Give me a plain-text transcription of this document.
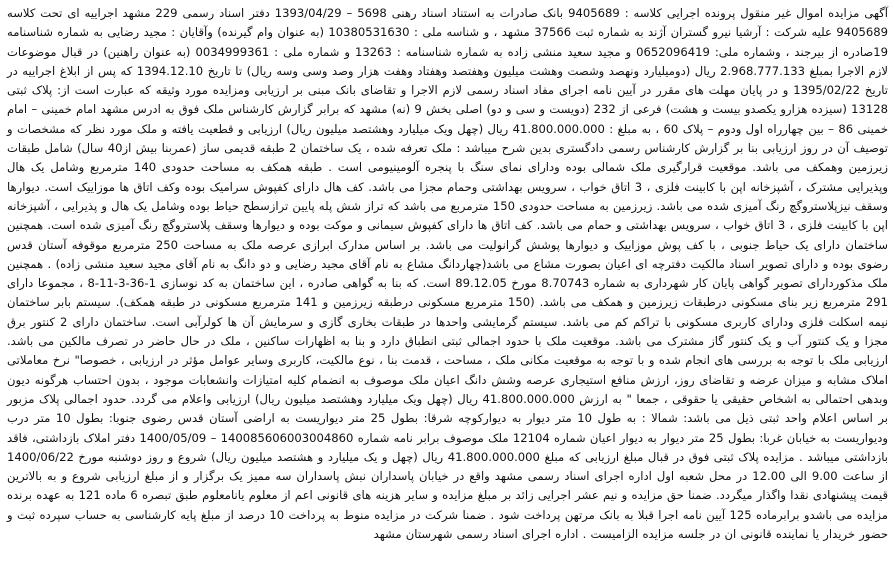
آگهی مزایده اموال غیر منقول پرونده اجرایی کلاسه : 9405689 بانک صادرات به استناد اسناد رهنی 5698 – 1393/04/29 دفتر اسناد رسمی 229 مشهد اجراییه ای تحت کلاسه 9405689 علیه شرکت : آرشیا نیرو گستران آژند به شماره ثبت 37566 مشهد ، و شناسه ملی : 10380531630 (به عنوان وام گیرنده) وآقایان : مجید رضایی به شماره شناسنامه 19صادره از بیرجند ، وشماره ملی: 0652096419 و مجید سعید منشی زاده به شماره شناسنامه : 13263 و شماره ملی : 0034999361 (به عنوان راهنین) در قبال موضوعات لازم الاجرا بمبلغ 2.968.777.133 ریال (دومیلیارد ونهصد وشصت وهشت میلیون وهفتصد وهفتاد وهفت هزار وصد وسی وسه ریال) تا تاریخ 1394.12.10 که پس از ابلاغ اجراییه در تاریخ 1395/02/22 و در پایان مهلت های مقرر در آیین نامه اجرای مفاد اسناد رسمی لازم الاجرا و تقاضای بانک مبنی بر ارزیابی ومزایده مورد وثیقه که عبارت است از: پلاک ثبتی 13128 (سیزده هزارو یکصدو بیست و هشت) فرعی از 232 (دویست و سی و دو) اصلی بخش 9 (نه) مشهد که برابر گزارش کارشناس ملک فوق به ادرس مشهد امام خمینی – امام خمینی 86 – بین چهارراه اول ودوم – پلاک 60 ، به مبلغ : 41.800.000.000 ریال (چهل ویک میلیارد وهشتصد میلیون ریال) ارزیابی و قطعیت یافته و ملک مورد نظر که مشخصات و توصیف آن در روز ارزیابی بنا بر گزارش کارشناس رسمی دادگستری بدین شرح میباشد : ملک تعرفه شده ، یک ساختمان 2 طبقه قدیمی ساز (عمربنا بیش از40 سال) شامل طبقات زیرزمین وهمکف می باشد. موقعیت قرارگیری ملک شمالی بوده ودارای نمای سنگ با پنجره آلومینیومی است . طبقه همکف به مساحت حدودی 140 مترمربع وشامل یک هال وپذیرایی مشترک ، آشپزخانه اپن با کابینت فلزی ، 3 اتاق خواب ، سرویس بهداشتی وحمام مجزا می باشد. کف هال دارای کفپوش سرامیک بوده وکف اتاق ها موزاییک است. دیوارها وسقف نیزپلاستروگچ رنگ آمیزی شده می باشد. زیرزمین به مساحت حدودی 150 مترمربع می باشد که تراز شش پله پایین ترازسطح حیاط بوده وشامل یک هال و پذیرایی ، آشپزخانه اپن با کابینت فلزی ، 3 اتاق خواب ، سرویس بهداشتی و حمام می باشد. کف اتاق ها دارای کفپوش سیمانی و موکت بوده و دیوارها وسقف پلاستروگچ رنگ آمیزی شده است. همچنین ساختمان دارای یک حیاط جنوبی ، با کف پوش موزاییک و دیوارها پوشش گرانولیت می باشد. بر اساس مدارک ابرازی عرصه ملک به مساحت 250 مترمربع موقوفه آستان قدس رضوی بوده و دارای تصویر اسناد مالکیت دفترچه ای اعیان بصورت مشاع می باشد(چهاردانگ مشاع به نام آقای مجید رضایی و دو دانگ به نام آقای مجید سعید منشی زاده) . همچنین ملک مذکوردارای تصویر گواهی پایان کار شهرداری به شماره 8.70743 مورخ 89.12.05 است. که بنا به گواهی صادره ، این ساختمان به کد نوسازی 1-36-3-11-8 ، مجموعا دارای 291 مترمربع زیر بنای مسکونی درطبقات زیرزمین و همکف می باشد. (150 مترمربع مسکونی درطبقه زیرزمین و 141 مترمربع مسکونی در طبقه همکف). سیستم بابر ساختمان نیمه اسکلت فلزی ودارای کاربری مسکونی با تراکم کم می باشد. سیستم گرمایشی واحدها در طبقات بخاری گازی و سرمایش آن ها کولرآبی است. ساختمان دارای 2 کنتور برق مجزا و یک کنتور آب و یک کنتور گاز مشترک می باشد. موقعیت ملک با حدود اجمالی ثبتی انطباق دارد و بنا به اظهارات ساکنین ، ملک در حال حاضر در تصرف مالکین می باشد. ارزیابی ملک با توجه به بررسی های انجام شده و با توجه به موقعیت مکانی ملک ، مساحت ، قدمت بنا ، نوع مالکیت، کاربری وسایر عوامل مؤثر در ارزیابی ، خصوصا" نرخ معاملاتی املاک مشابه و میزان عرضه و تقاضای روز، ارزش منافع استیجاری عرصه وشش دانگ اعیان ملک موصوف به انضمام کلیه امتیازات وانشعابات موجود ، بدون احتساب هرگونه دیون وبدهی احتمالی به اشخاص حقیقی یا حقوقی ، جمعا " به ارزش 41.800.000.000 ریال (چهل ویک میلیارد وهشتصد میلیون ریال) ارزیابی واعلام می گردد. حدود اجمالی پلاک مزبور بر اساس اعلام واحد ثبتی ذیل می باشد: شمالا : به طول 10 متر دیوار به دیوارکوچه شرقا: بطول 25 متر دیواریست به اراضی آستان قدس رضوی جنوبا: بطول 10 متر درب ودیواریست به خیابان غربا: بطول 25 متر دیوار به دیوار اعیان شماره 12104 ملک موصوف برابر نامه شماره 140085606003004860 – 1400/05/09 دفتر املاک بازداشتی، فاقد بازداشتی میباشد . مزایده پلاک ثبتی فوق در قبال مبلغ ارزیابی که مبلغ 41.800.000.000 ریال (چهل و یک میلیارد و هشتصد میلیون ریال) شروع و روز دوشنبه مورخ 1400/06/22 از ساعت 9.00 الی 12.00 در محل شعبه اول اداره اجرای اسناد رسمی مشهد واقع در خیابان پاسداران نبش پاسداران سه ممیز یک برگزار و از مبلغ ارزیابی شروع و به بالاترین قیمت پیشنهادی نقدا واگذار میگردد. ضمنا حق مزایده و نیم عشر اجرایی زائد بر مبلغ مزایده و سایر هزینه های قانونی اعم از معلوم یانامعلوم طبق تبصره 6 ماده 121 به عهده برنده مزایده می باشدو برابرماده 125 آیین نامه اجرا قبلا به بانک مرتهن پرداخت شود . ضمنا شرکت در مزایده منوط به پرداخت 10 درصد از مبلغ پایه کارشناسی به حساب سپرده ثبت و حضور خریدار یا نماینده قانونی ان در جلسه مزایده الزامیست . اداره اجرای اسناد رسمی شهرستان مشهد
